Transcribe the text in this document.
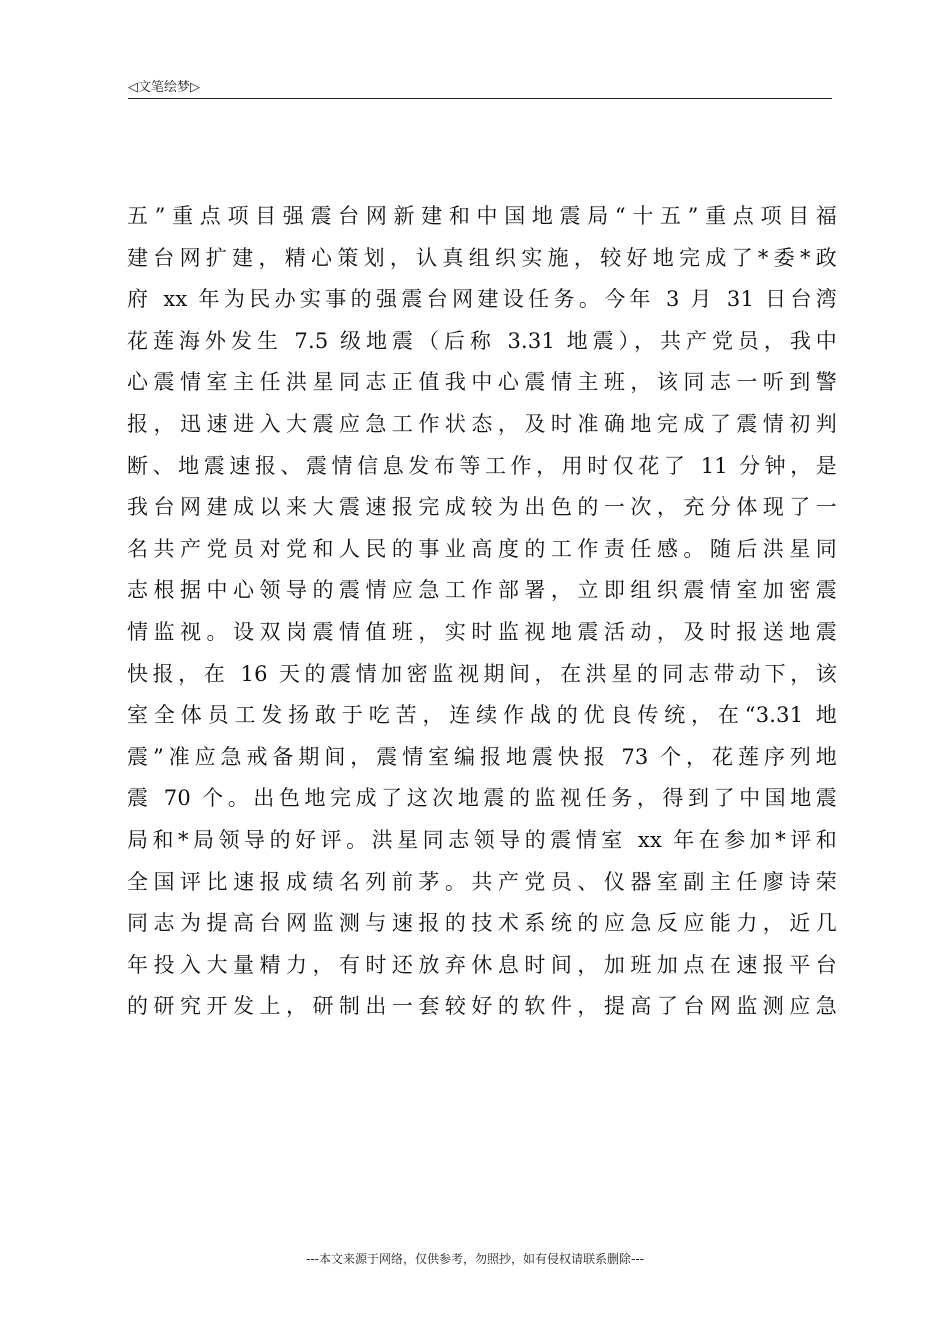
◁文笔绘梦▷
五”重点项目强震台网新建和中国地震局“十五”重点项目福
建台网扩建，精心策划，认真组织实施，较好地完成了*委*政
府 xx 年为民办实事的强震台网建设任务。今年 3 月 31 日台湾
花莲海外发生 7.5 级地震（后称 3.31 地震），共产党员，我中
心震情室主任洪星同志正值我中心震情主班，该同志一听到警
报，迅速进入大震应急工作状态，及时准确地完成了震情初判
断、地震速报、震情信息发布等工作，用时仅花了 11 分钟，是
我台网建成以来大震速报完成较为出色的一次，充分体现了一
名共产党员对党和人民的事业高度的工作责任感。随后洪星同
志根据中心领导的震情应急工作部署，立即组织震情室加密震
情监视。设双岗震情值班，实时监视地震活动，及时报送地震
快报，在 16 天的震情加密监视期间，在洪星的同志带动下，该
室全体员工发扬敢于吃苦，连续作战的优良传统，在“3.31 地
震”准应急戒备期间，震情室编报地震快报 73 个，花莲序列地
震 70 个。出色地完成了这次地震的监视任务，得到了中国地震
局和*局领导的好评。洪星同志领导的震情室 xx 年在参加*评和
全国评比速报成绩名列前茅。共产党员、仪器室副主任廖诗荣
同志为提高台网监测与速报的技术系统的应急反应能力，近几
年投入大量精力，有时还放弃休息时间，加班加点在速报平台
的研究开发上，研制出一套较好的软件，提高了台网监测应急
---本文来源于网络，仅供参考，勿照抄，如有侵权请联系删除---
